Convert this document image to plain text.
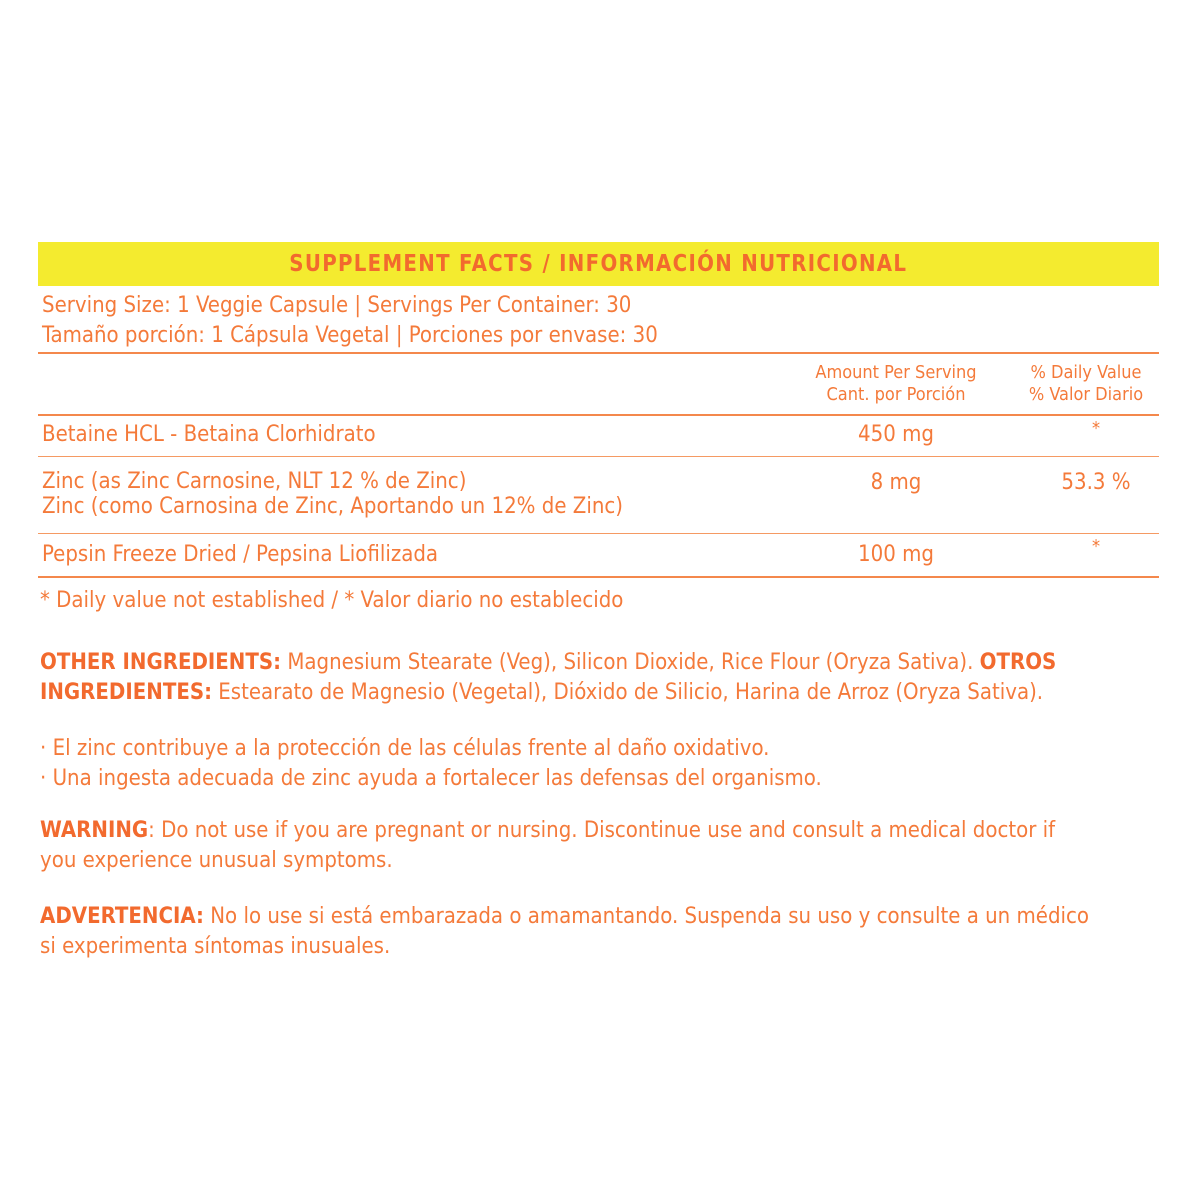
SUPPLEMENT FACTS / INFORMACIÓN NUTRICIONAL
Serving Size: 1 Veggie Capsule | Servings Per Container: 30
Tamaño porción: 1 Cápsula Vegetal | Porciones por envase: 30
Amount Per Serving
Cant. por Porción
% Daily Value
% Valor Diario
Betaine HCL - Betaina Clorhidrato	450 mg	*
Zinc (as Zinc Carnosine, NLT 12 % de Zinc)
Zinc (como Carnosina de Zinc, Aportando un 12% de Zinc)
8 mg	53.3 %
Pepsin Freeze Dried / Pepsina Liofilizada	100 mg	*
* Daily value not established / * Valor diario no establecido
OTHER INGREDIENTS: Magnesium Stearate (Veg), Silicon Dioxide, Rice Flour (Oryza Sativa). OTROS
INGREDIENTES: Estearato de Magnesio (Vegetal), Dióxido de Silicio, Harina de Arroz (Oryza Sativa).
· El zinc contribuye a la protección de las células frente al daño oxidativo.
· Una ingesta adecuada de zinc ayuda a fortalecer las defensas del organismo.
WARNING: Do not use if you are pregnant or nursing. Discontinue use and consult a medical doctor if
you experience unusual symptoms.
ADVERTENCIA: No lo use si está embarazada o amamantando. Suspenda su uso y consulte a un médico
si experimenta síntomas inusuales.
